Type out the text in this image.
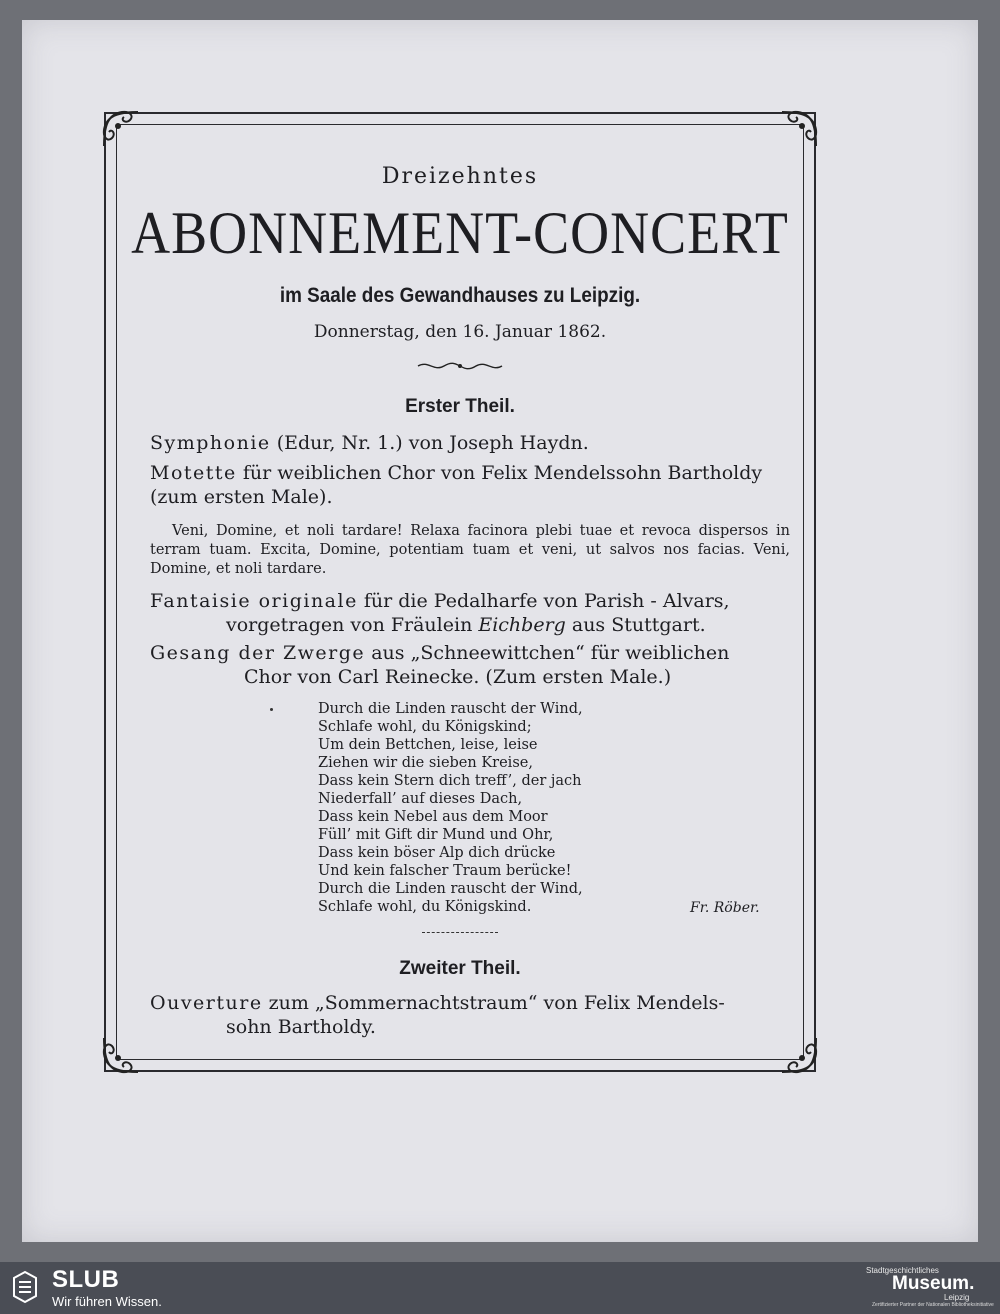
Dreizehntes
ABONNEMENT-CONCERT
im Saale des Gewandhauses zu Leipzig.
Donnerstag, den 16. Januar 1862.
Erster Theil.
Symphonie (Edur, Nr. 1.) von Joseph Haydn.
Motette für weiblichen Chor von Felix Mendelssohn Bartholdy
(zum ersten Male).
Veni, Domine, et noli tardare! Relaxa facinora plebi tuae et revoca dispersos in terram tuam. Excita, Domine, potentiam tuam et veni, ut salvos nos facias. Veni, Domine, et noli tardare.
Fantaisie originale für die Pedalharfe von Parish - Alvars,
vorgetragen von Fräulein Eichberg aus Stuttgart.
Gesang der Zwerge aus „Schneewittchen“ für weiblichen
Chor von Carl Reinecke. (Zum ersten Male.)
Durch die Linden rauscht der Wind,
Schlafe wohl, du Königskind;
Um dein Bettchen, leise, leise
Ziehen wir die sieben Kreise,
Dass kein Stern dich treff’, der jach
Niederfall’ auf dieses Dach,
Dass kein Nebel aus dem Moor
Füll’ mit Gift dir Mund und Ohr,
Dass kein böser Alp dich drücke
Und kein falscher Traum berücke!
Durch die Linden rauscht der Wind,
Schlafe wohl, du Königskind.	Fr. Röber.
Zweiter Theil.
Ouverture zum „Sommernachtstraum“ von Felix Mendels-
sohn Bartholdy.
SLUB
Wir führen Wissen.
Stadtgeschichtliches
Museum.
Leipzig
Zertifizierter Partner der Nationalen Bibliotheksinitiative
